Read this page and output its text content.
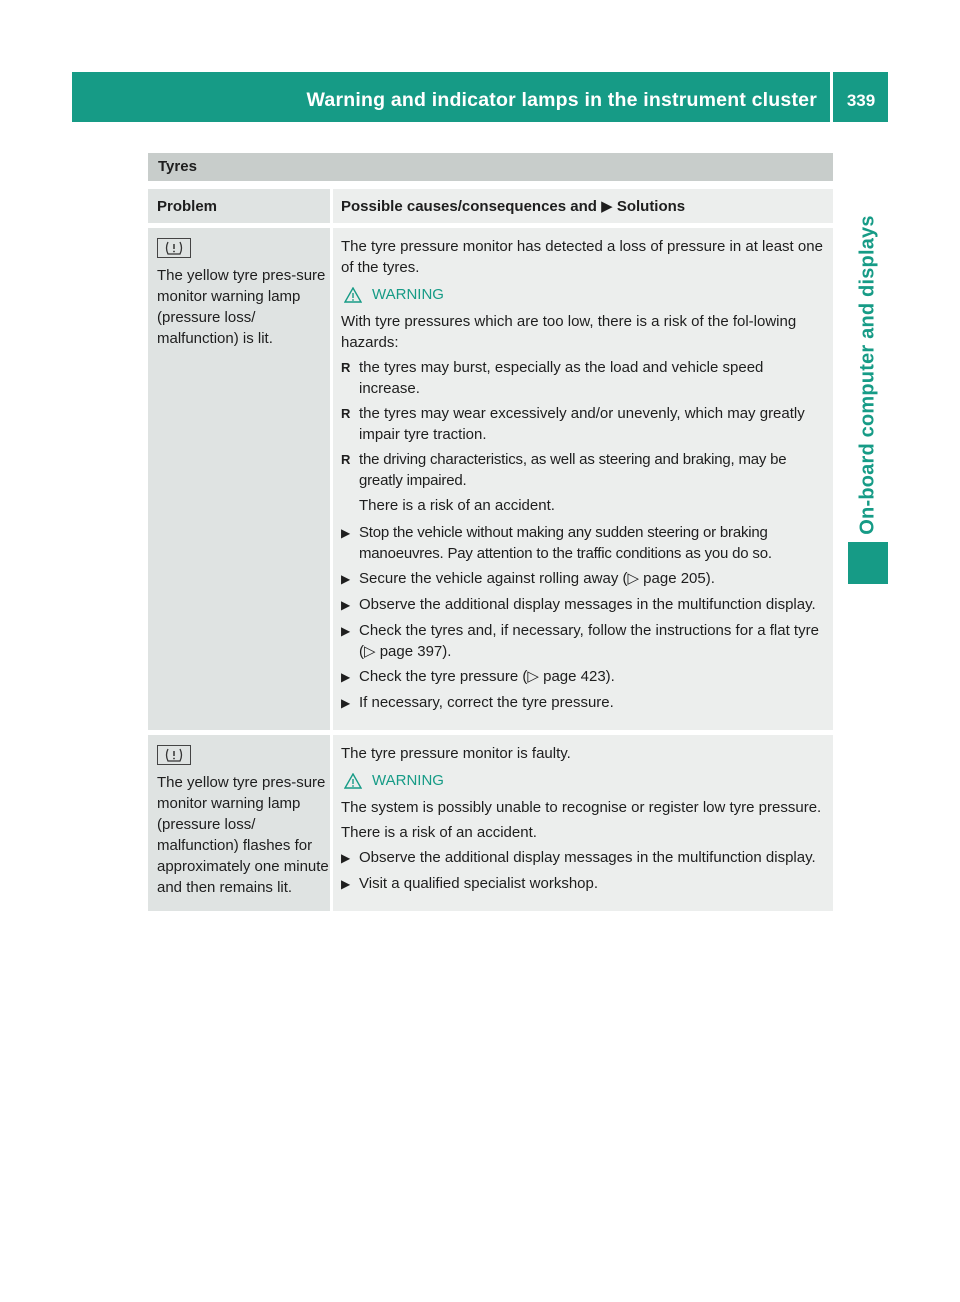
Warning and indicator lamps in the instrument cluster	339
On-board computer and displays
Tyres
Problem	Possible causes/consequences and ▶ Solutions
The yellow tyre pres-sure monitor warning lamp (pressure loss/ malfunction) is lit.

The tyre pressure monitor has detected a loss of pressure in at least one of the tyres.

WARNING

With tyre pressures which are too low, there is a risk of the fol-lowing hazards:

R the tyres may burst, especially as the load and vehicle speed increase.
R the tyres may wear excessively and/or unevenly, which may greatly impair tyre traction.
R the driving characteristics, as well as steering and braking, may be greatly impaired.
There is a risk of an accident.
▶ Stop the vehicle without making any sudden steering or braking manoeuvres. Pay attention to the traffic conditions as you do so.
▶ Secure the vehicle against rolling away (▷ page 205).
▶ Observe the additional display messages in the multifunction display.
▶ Check the tyres and, if necessary, follow the instructions for a flat tyre (▷ page 397).
▶ Check the tyre pressure (▷ page 423).
▶ If necessary, correct the tyre pressure.
The yellow tyre pres-sure monitor warning lamp (pressure loss/ malfunction) flashes for approximately one minute and then remains lit.

The tyre pressure monitor is faulty.

WARNING

The system is possibly unable to recognise or register low tyre pressure.

There is a risk of an accident.

▶ Observe the additional display messages in the multifunction display.
▶ Visit a qualified specialist workshop.
